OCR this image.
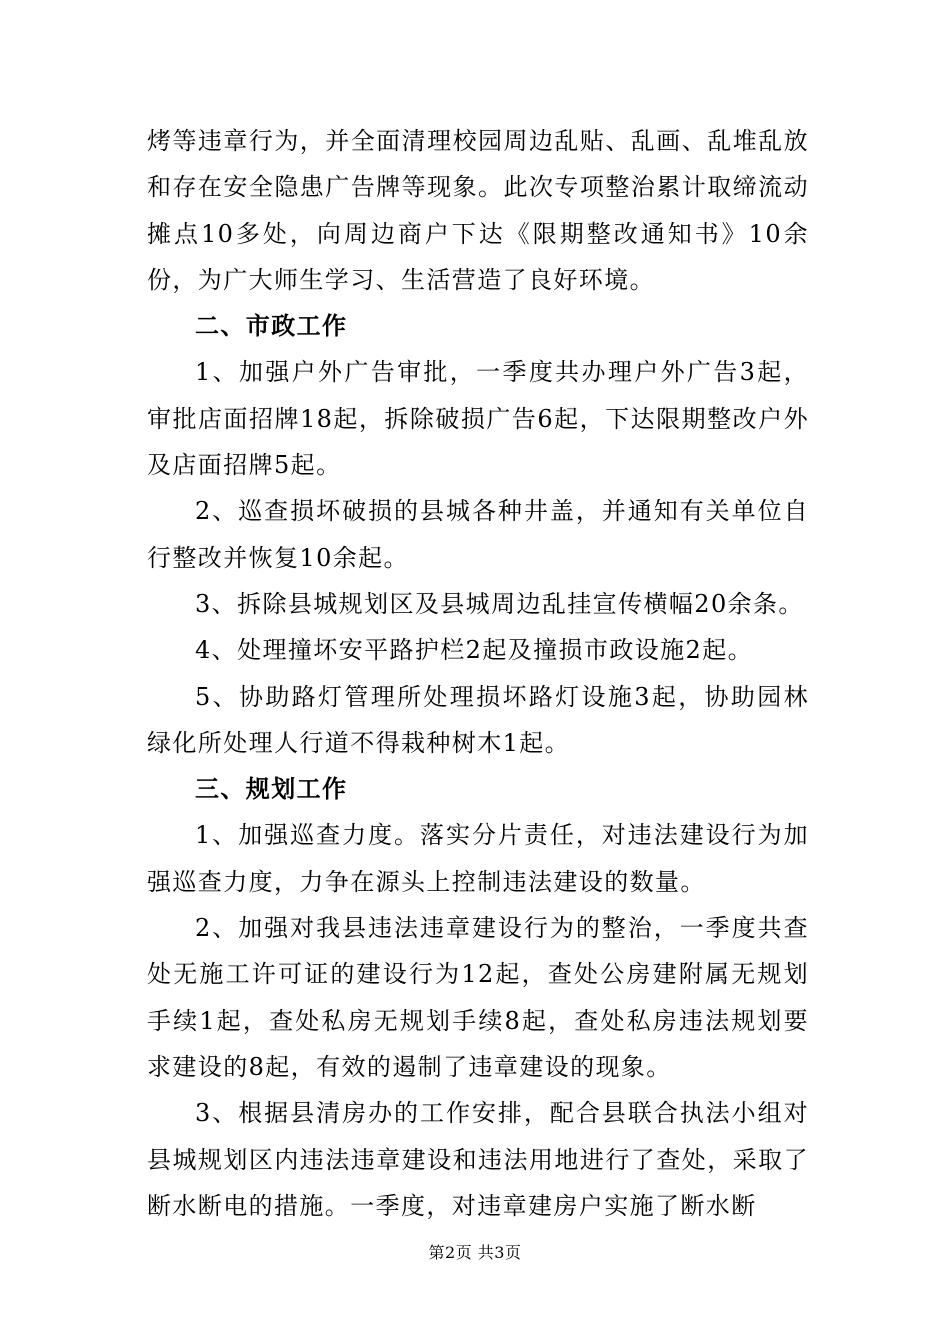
烤等违章行为，并全面清理校园周边乱贴、乱画、乱堆乱放和存在安全隐患广告牌等现象。此次专项整治累计取缔流动摊点10多处，向周边商户下达《限期整改通知书》10余份，为广大师生学习、生活营造了良好环境。

二、市政工作

1、加强户外广告审批，一季度共办理户外广告3起，审批店面招牌18起，拆除破损广告6起，下达限期整改户外及店面招牌5起。

2、巡查损坏破损的县城各种井盖，并通知有关单位自行整改并恢复10余起。

3、拆除县城规划区及县城周边乱挂宣传横幅20余条。

4、处理撞坏安平路护栏2起及撞损市政设施2起。

5、协助路灯管理所处理损坏路灯设施3起，协助园林绿化所处理人行道不得栽种树木1起。

三、规划工作

1、加强巡查力度。落实分片责任，对违法建设行为加强巡查力度，力争在源头上控制违法建设的数量。

2、加强对我县违法违章建设行为的整治，一季度共查处无施工许可证的建设行为12起，查处公房建附属无规划手续1起，查处私房无规划手续8起，查处私房违法规划要求建设的8起，有效的遏制了违章建设的现象。

3、根据县清房办的工作安排，配合县联合执法小组对县城规划区内违法违章建设和违法用地进行了查处，采取了断水断电的措施。一季度，对违章建房户实施了断水断

第2页 共3页
